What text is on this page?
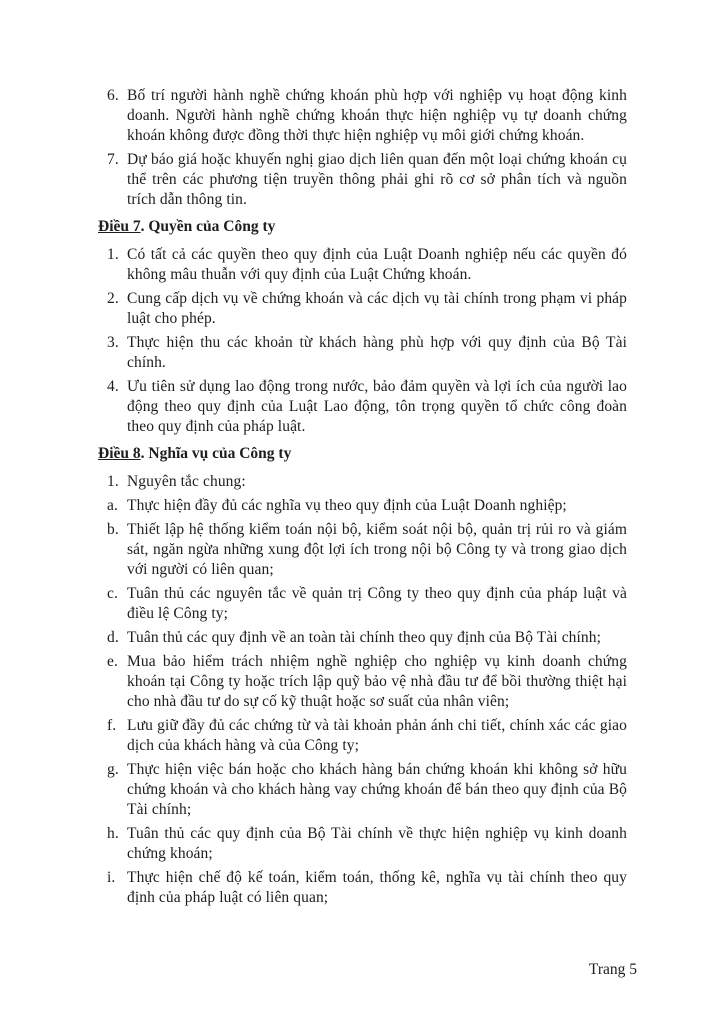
6. Bố trí người hành nghề chứng khoán phù hợp với nghiệp vụ hoạt động kinh doanh. Người hành nghề chứng khoán thực hiện nghiệp vụ tự doanh chứng khoán không được đồng thời thực hiện nghiệp vụ môi giới chứng khoán.
7. Dự báo giá hoặc khuyến nghị giao dịch liên quan đến một loại chứng khoán cụ thể trên các phương tiện truyền thông phải ghi rõ cơ sở phân tích và nguồn trích dẫn thông tin.
Điều 7. Quyền của Công ty
1. Có tất cả các quyền theo quy định của Luật Doanh nghiệp nếu các quyền đó không mâu thuẫn với quy định của Luật Chứng khoán.
2. Cung cấp dịch vụ về chứng khoán và các dịch vụ tài chính trong phạm vi pháp luật cho phép.
3. Thực hiện thu các khoản từ khách hàng phù hợp với quy định của Bộ Tài chính.
4. Ưu tiên sử dụng lao động trong nước, bảo đảm quyền và lợi ích của người lao động theo quy định của Luật Lao động, tôn trọng quyền tổ chức công đoàn theo quy định của pháp luật.
Điều 8. Nghĩa vụ của Công ty
1. Nguyên tắc chung:
a. Thực hiện đầy đủ các nghĩa vụ theo quy định của Luật Doanh nghiệp;
b. Thiết lập hệ thống kiểm toán nội bộ, kiểm soát nội bộ, quản trị rủi ro và giám sát, ngăn ngừa những xung đột lợi ích trong nội bộ Công ty và trong giao dịch với người có liên quan;
c. Tuân thủ các nguyên tắc về quản trị Công ty theo quy định của pháp luật và điều lệ Công ty;
d. Tuân thủ các quy định về an toàn tài chính theo quy định của Bộ Tài chính;
e. Mua bảo hiểm trách nhiệm nghề nghiệp cho nghiệp vụ kinh doanh chứng khoán tại Công ty hoặc trích lập quỹ bảo vệ nhà đầu tư để bồi thường thiệt hại cho nhà đầu tư do sự cố kỹ thuật hoặc sơ suất của nhân viên;
f. Lưu giữ đầy đủ các chứng từ và tài khoản phản ánh chi tiết, chính xác các giao dịch của khách hàng và của Công ty;
g. Thực hiện việc bán hoặc cho khách hàng bán chứng khoán khi không sở hữu chứng khoán và cho khách hàng vay chứng khoán để bán theo quy định của Bộ Tài chính;
h. Tuân thủ các quy định của Bộ Tài chính về thực hiện nghiệp vụ kinh doanh chứng khoán;
i. Thực hiện chế độ kế toán, kiểm toán, thống kê, nghĩa vụ tài chính theo quy định của pháp luật có liên quan;
Trang 5
